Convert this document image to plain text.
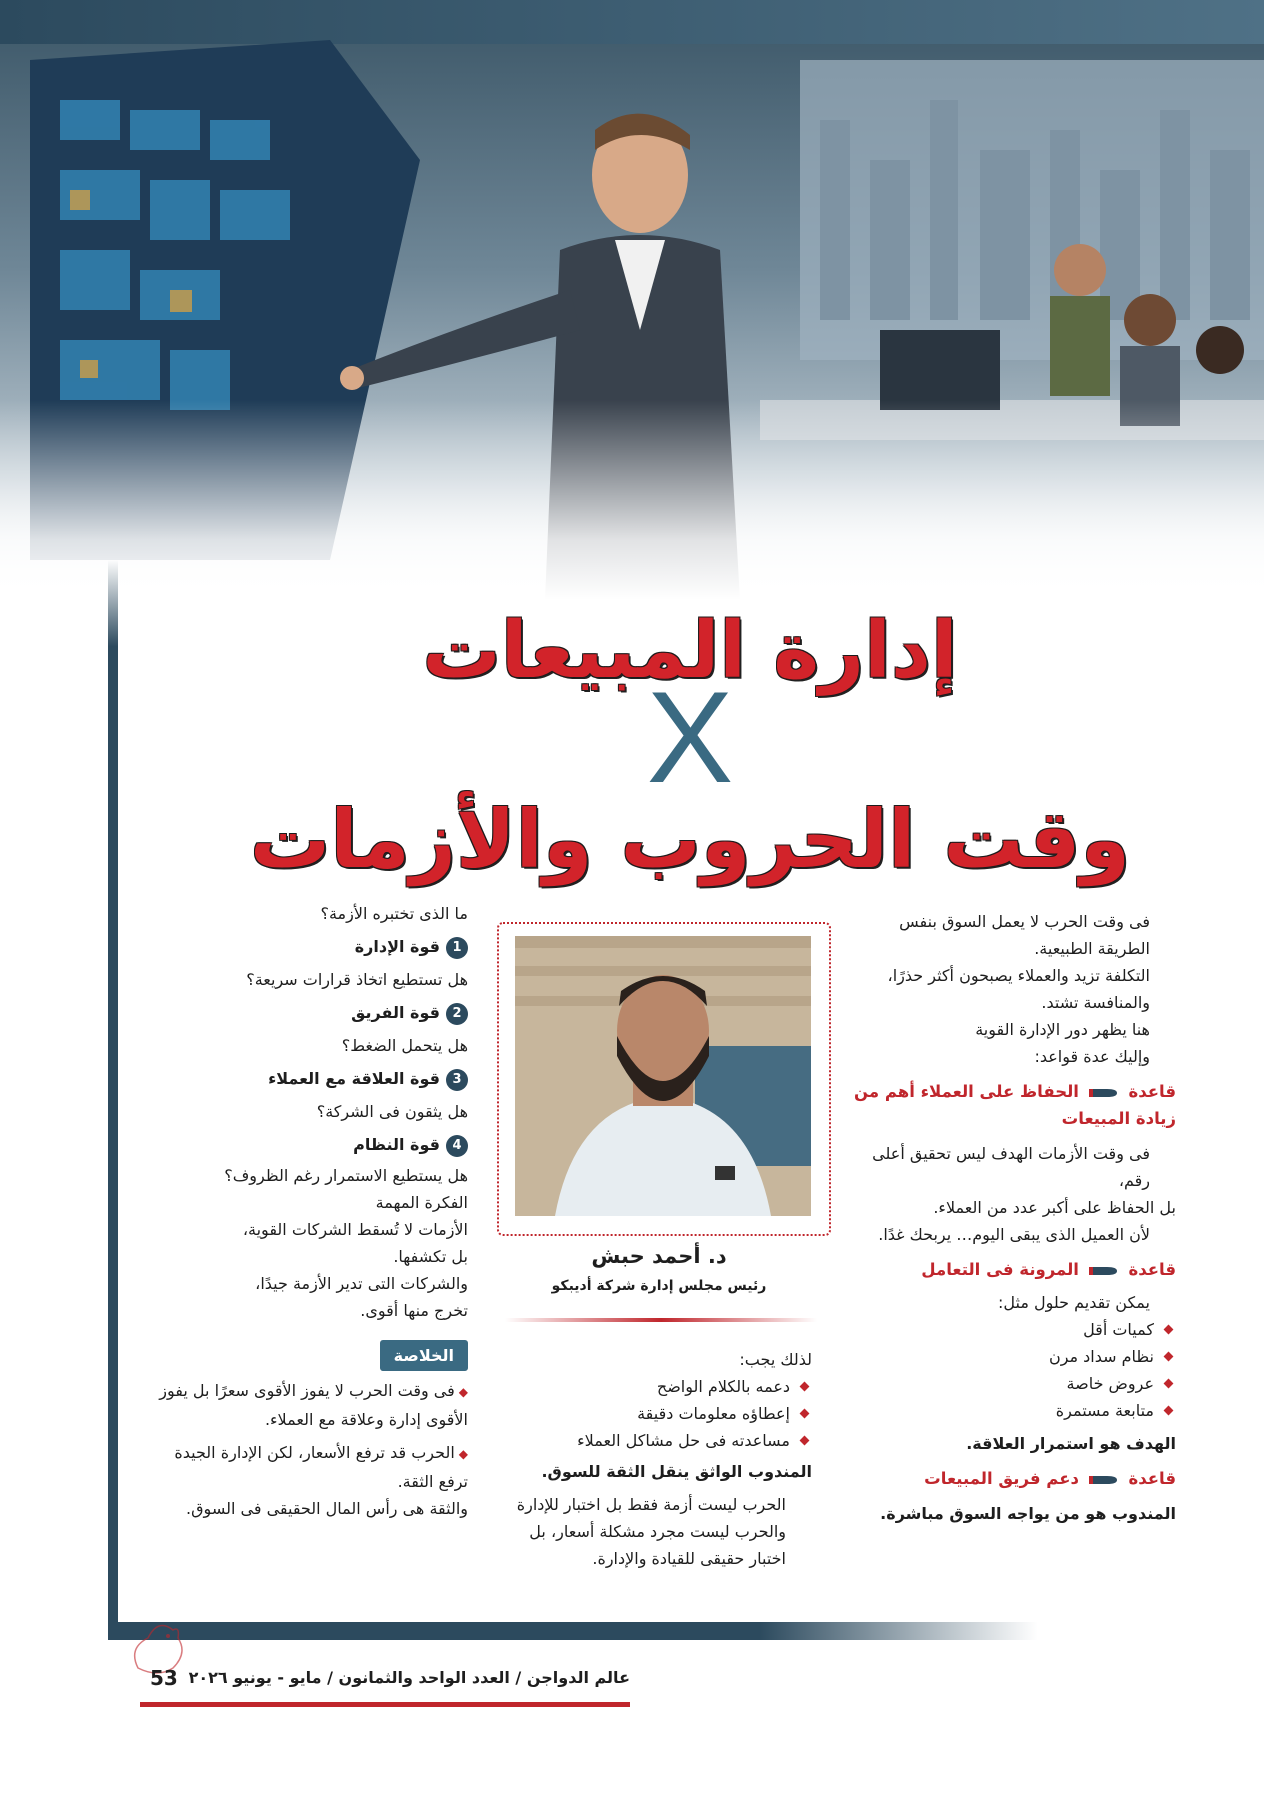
إدارة المبيعات
X
وقت الحروب والأزمات

فى وقت الحرب لا يعمل السوق بنفس الطريقة الطبيعية.

التكلفة تزيد والعملاء يصبحون أكثر حذرًا، والمنافسة تشتد.

هنا يظهر دور الإدارة القوية

وإليك عدة قواعد:

قاعدة  الحفاظ على العملاء أهم من زيادة المبيعات

فى وقت الأزمات الهدف ليس تحقيق أعلى رقم،

بل الحفاظ على أكبر عدد من العملاء.

لأن العميل الذى يبقى اليوم… يربحك غدًا.

قاعدة  المرونة فى التعامل

يمكن تقديم حلول مثل:

كميات أقل
نظام سداد مرن
عروض خاصة
متابعة مستمرة

الهدف هو استمرار العلاقة.

قاعدة  دعم فريق المبيعات

المندوب هو من يواجه السوق مباشرة.

د. أحمد حبش
رئيس مجلس إدارة شركة أديبكو

لذلك يجب:

دعمه بالكلام الواضح
إعطاؤه معلومات دقيقة
مساعدته فى حل مشاكل العملاء

المندوب الواثق ينقل الثقة للسوق.

الحرب ليست أزمة فقط بل اختبار للإدارة

والحرب ليست مجرد مشكلة أسعار، بل اختبار حقيقى للقيادة والإدارة.

ما الذى تختبره الأزمة؟

1قوة الإدارة

هل تستطيع اتخاذ قرارات سريعة؟

2قوة الفريق

هل يتحمل الضغط؟

3قوة العلاقة مع العملاء

هل يثقون فى الشركة؟

4قوة النظام

هل يستطيع الاستمرار رغم الظروف؟

الفكرة المهمة

الأزمات لا تُسقط الشركات القوية،

بل تكشفها.

والشركات التى تدير الأزمة جيدًا،

تخرج منها أقوى.

الخلاصة

◆فى وقت الحرب لا يفوز الأقوى سعرًا بل يفوز الأقوى إدارة وعلاقة مع العملاء.

◆الحرب قد ترفع الأسعار، لكن الإدارة الجيدة ترفع الثقة.

والثقة هى رأس المال الحقيقى فى السوق.

53 عالم الدواجن / العدد الواحد والثمانون / مايو - يونيو ٢٠٢٦
